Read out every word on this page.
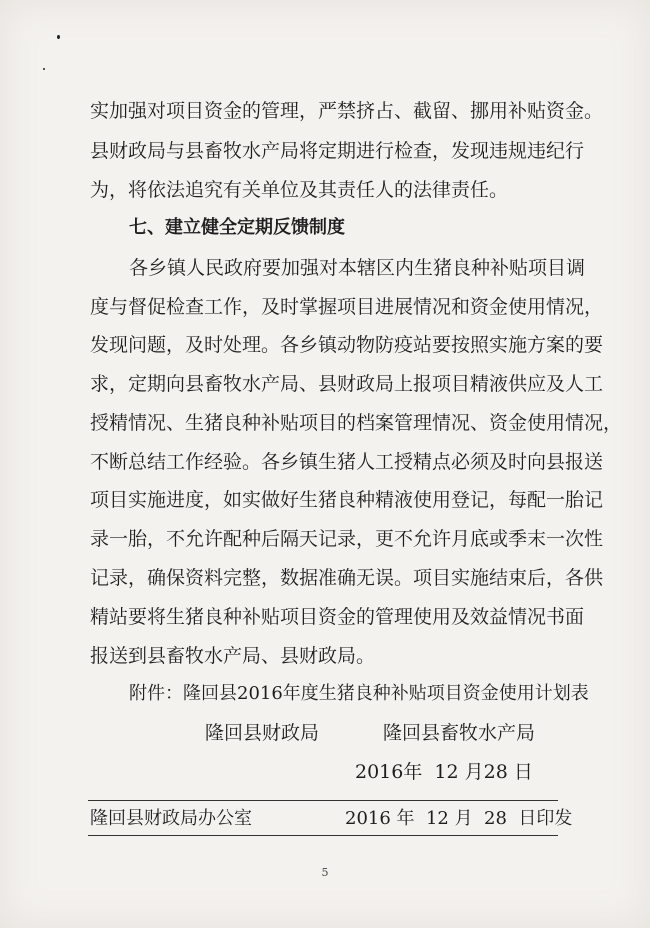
实加强对项目资金的管理，严禁挤占、截留、挪用补贴资金。
县财政局与县畜牧水产局将定期进行检查，发现违规违纪行
为，将依法追究有关单位及其责任人的法律责任。
七、建立健全定期反馈制度
各乡镇人民政府要加强对本辖区内生猪良种补贴项目调
度与督促检查工作，及时掌握项目进展情况和资金使用情况，
发现问题，及时处理。各乡镇动物防疫站要按照实施方案的要
求，定期向县畜牧水产局、县财政局上报项目精液供应及人工
授精情况、生猪良种补贴项目的档案管理情况、资金使用情况，
不断总结工作经验。各乡镇生猪人工授精点必须及时向县报送
项目实施进度，如实做好生猪良种精液使用登记，每配一胎记
录一胎，不允许配种后隔天记录，更不允许月底或季末一次性
记录，确保资料完整，数据准确无误。项目实施结束后，各供
精站要将生猪良种补贴项目资金的管理使用及效益情况书面
报送到县畜牧水产局、县财政局。
附件：隆回县2016年度生猪良种补贴项目资金使用计划表
隆回县财政局	隆回县畜牧水产局
2016年  12 月28 日
隆回县财政局办公室	2016 年  12 月  28  日印发
5
